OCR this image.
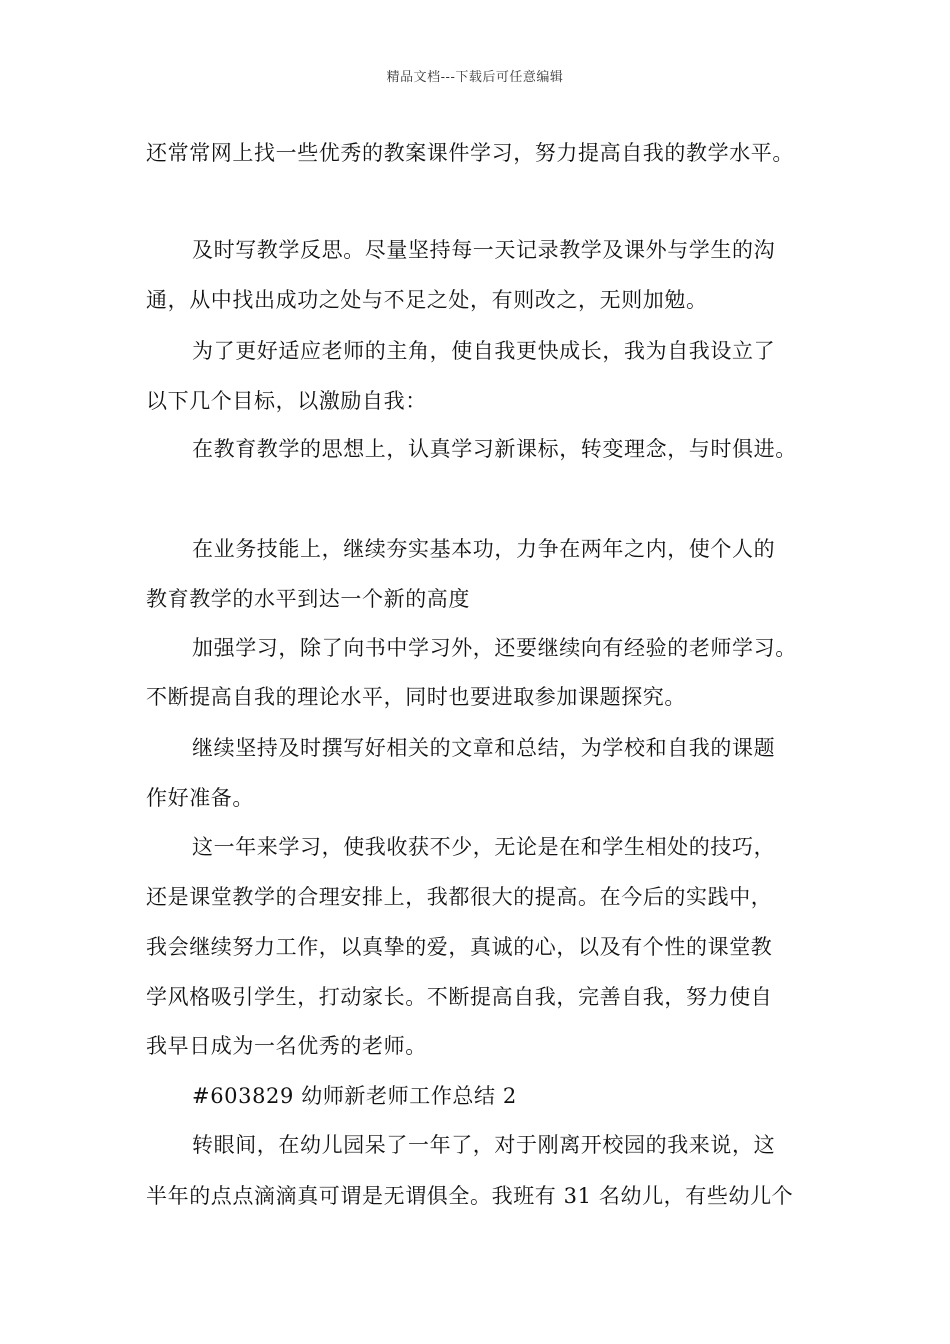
精品文档---下载后可任意编辑
还常常网上找一些优秀的教案课件学习，努力提高自我的教学水平。
及时写教学反思。尽量坚持每一天记录教学及课外与学生的沟
通，从中找出成功之处与不足之处，有则改之，无则加勉。
为了更好适应老师的主角，使自我更快成长，我为自我设立了
以下几个目标，以激励自我：
在教育教学的思想上，认真学习新课标，转变理念，与时俱进。
在业务技能上，继续夯实基本功，力争在两年之内，使个人的
教育教学的水平到达一个新的高度
加强学习，除了向书中学习外，还要继续向有经验的老师学习。
不断提高自我的理论水平，同时也要进取参加课题探究。
继续坚持及时撰写好相关的文章和总结，为学校和自我的课题
作好准备。
这一年来学习，使我收获不少，无论是在和学生相处的技巧，
还是课堂教学的合理安排上，我都很大的提高。在今后的实践中，
我会继续努力工作，以真挚的爱，真诚的心，以及有个性的课堂教
学风格吸引学生，打动家长。不断提高自我，完善自我，努力使自
我早日成为一名优秀的老师。
#603829 幼师新老师工作总结 2
转眼间，在幼儿园呆了一年了，对于刚离开校园的我来说，这
半年的点点滴滴真可谓是无谓俱全。我班有 31 名幼儿，有些幼儿个
